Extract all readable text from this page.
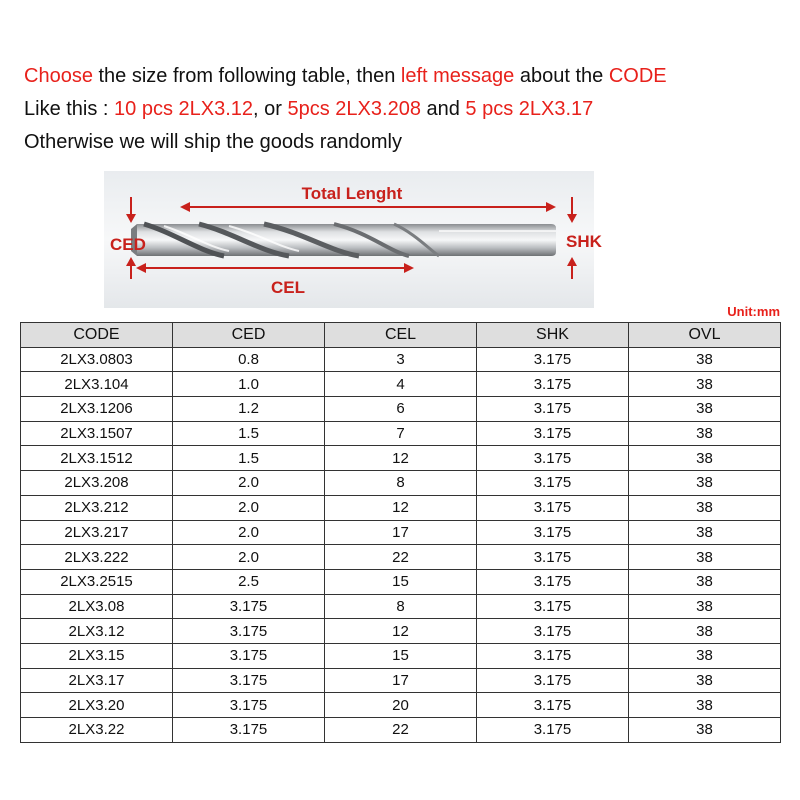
Choose the size from following table, then left message about the CODE
Like this : 10 pcs 2LX3.12, or 5pcs 2LX3.208 and 5 pcs 2LX3.17
Otherwise we will ship the goods randomly
Total Lenght
CED	SHK
CEL
Unit:mm
CODE	CED	CEL	SHK	OVL
2LX3.0803	0.8	3	3.175	38
2LX3.104	1.0	4	3.175	38
2LX3.1206	1.2	6	3.175	38
2LX3.1507	1.5	7	3.175	38
2LX3.1512	1.5	12	3.175	38
2LX3.208	2.0	8	3.175	38
2LX3.212	2.0	12	3.175	38
2LX3.217	2.0	17	3.175	38
2LX3.222	2.0	22	3.175	38
2LX3.2515	2.5	15	3.175	38
2LX3.08	3.175	8	3.175	38
2LX3.12	3.175	12	3.175	38
2LX3.15	3.175	15	3.175	38
2LX3.17	3.175	17	3.175	38
2LX3.20	3.175	20	3.175	38
2LX3.22	3.175	22	3.175	38
